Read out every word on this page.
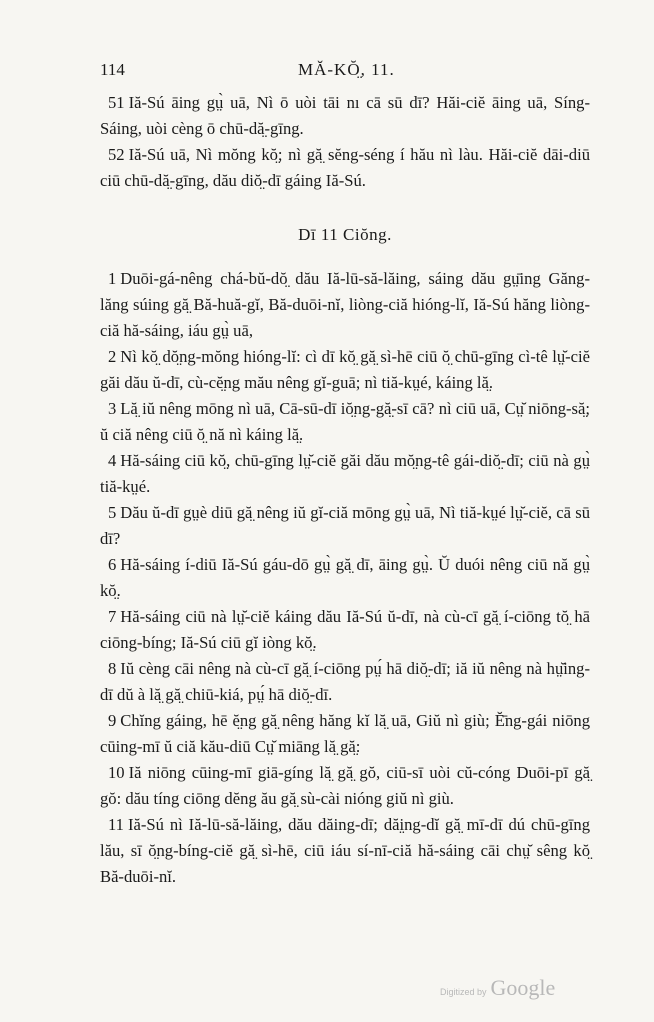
114	MĂ-KŎ̤, 11.

51 Iă-Sú āing gṳ̀ uā, Nì ō uòi tāi nı cā sū dī? Hăi-ciĕ āing uā, Síng-Sáing, uòi cèng ō chū-dă̤-gīng.

52 Iă-Sú uā, Nì mŏng kŏ̤; nì gă̤ sĕng-séng í hău nì làu. Hăi-ciĕ dāi-diū ciū chū-dă̤-gīng, dău diŏ̤-dī gáing Iă-Sú.

Dī 11 Ciŏng.

1 Duōi-gá-nêng chá-bŭ-dŏ̤ dău Iă-lū-să-lăing, sáing dău gṳ̄ing Găng-lăng súing gă̤ Bă-huă-gĭ, Bă-duōi-nĭ, liòng-ciă hióng-lĭ, Iă-Sú hăng liòng-ciă hă-sáing, iáu gṳ̀ uā,

2 Nì kŏ̤ dŏ̤ng-mŏng hióng-lĭ: cì dī kŏ̤ gă̤ sì-hē ciū ŏ̤ chū-gīng cì-tê lṳ̆-ciĕ găi dău ŭ-dī, cù-cĕ̤ng mău nêng gĭ-guā; nì tiă-kṳé, káing lă̤.

3 Lă̤ iŭ nêng mōng nì uā, Cā-sū-dī iŏ̤ng-gă̤-sī cā? nì ciū uā, Cṳ̆ niōng-să̤; ŭ ciă nêng ciū ŏ̤ nă nì káing lă̤.

4 Hă-sáing ciū kŏ̤, chū-gīng lṳ̆-ciĕ găi dău mŏ̤ng-tê gái-diŏ̤-dī; ciū nà gṳ̀ tiă-kṳé.

5 Dău ŭ-dī gṳè diū gă̤ nêng iŭ gĭ-ciă mōng gṳ̀ uā, Nì tiă-kṳé lṳ̆-ciĕ, cā sū dī?

6 Hă-sáing í-diū Iă-Sú gáu-dō gṳ̀ gă̤ dī, āing gṳ̀. Ŭ duói nêng ciū nă gṳ̀ kŏ̤.

7 Hă-sáing ciū nà lṳ̆-ciĕ káing dău Iă-Sú ŭ-dī, nà cù-cī gă̤ í-ciōng tŏ̤ hā ciōng-bíng; Iă-Sú ciū gĭ iòng kŏ̤.

8 Iŭ cèng cāi nêng nà cù-cī gă̤ í-ciōng pṳ́ hā diŏ̤-dī; iă iŭ nêng nà hṳ̆ing-dī dŭ à lă̤ gă̤ chiū-kiá, pṳ́ hā diŏ̤-dī.

9 Chĭng gáing, hē ĕ̤ng gă̤ nêng hăng kĭ lă̤ uā, Giŭ nì giù; Ĕ̄ng-gái niōng cūing-mī ŭ ciă kău-diū Cṳ̆ miāng lă̤ gă̤:

10 Iă niōng cūing-mī giā-gíng lă̤ gă̤ gŏ, ciū-sī uòi cŭ-cóng Duōi-pī gă̤ gŏ: dău tíng ciōng dĕng ău gă̤ sù-cài nióng giŭ nì giù.

11 Iă-Sú nì Iă-lū-să-lăing, dău dăing-dī; dăi̤ng-dĭ gă̤ mī-dī dú chū-gīng lău, sī ŏ̤ng-bíng-ciĕ gă̤ sì-hē, ciū iáu sí-nī-ciă hă-sáing cāi chṳ̆ sêng kŏ̤ Bă-duōi-nĭ.

Digitized by Google
